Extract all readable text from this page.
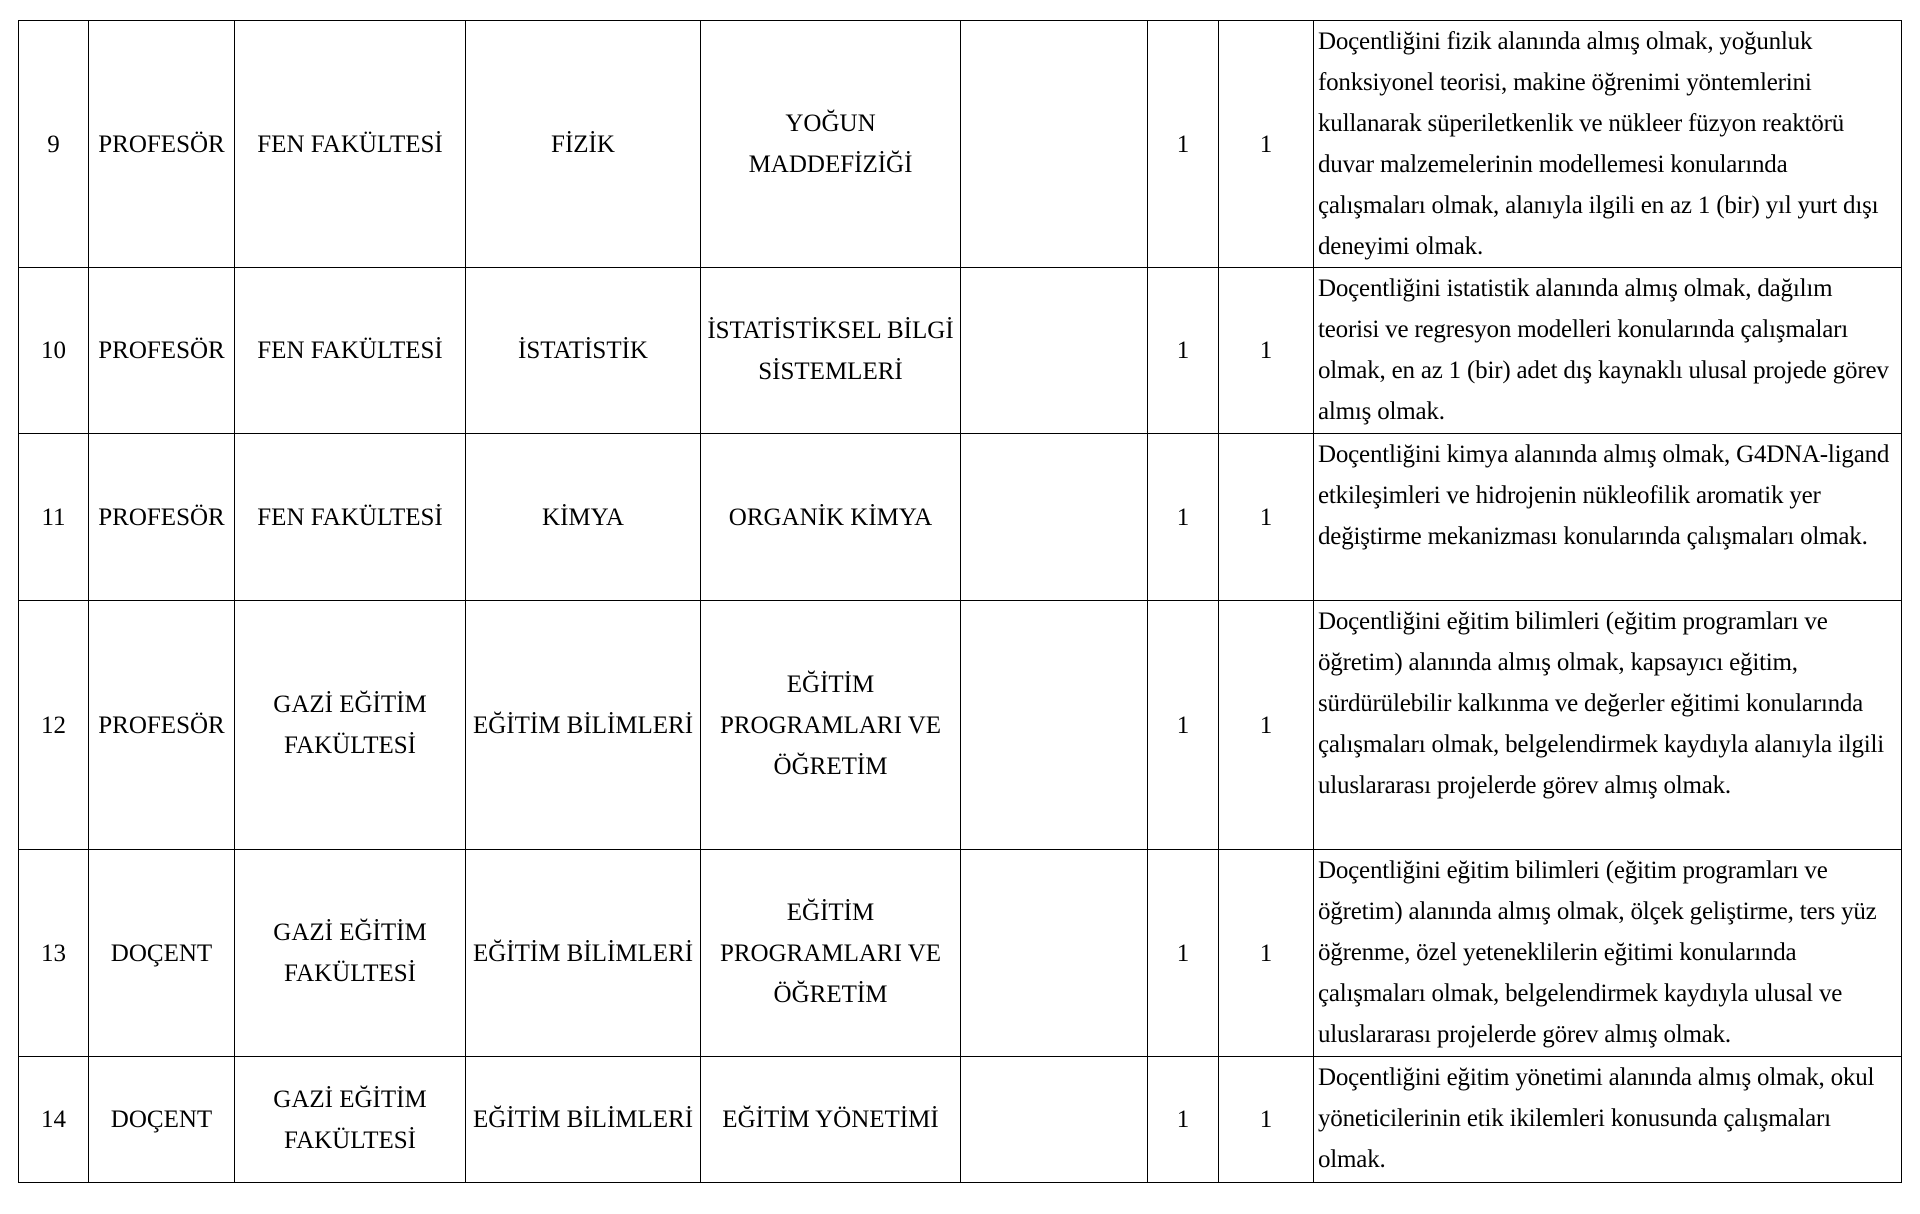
9	PROFESÖR	FEN FAKÜLTESİ	FİZİK	YOĞUN MADDEFİZİĞİ		1	1	Doçentliğini fizik alanında almış olmak, yoğunluk fonksiyonel teorisi, makine öğrenimi yöntemlerini kullanarak süperiletkenlik ve nükleer füzyon reaktörü duvar malzemelerinin modellemesi konularında çalışmaları olmak, alanıyla ilgili en az 1 (bir) yıl yurt dışı deneyimi olmak.
10	PROFESÖR	FEN FAKÜLTESİ	İSTATİSTİK	İSTATİSTİKSEL BİLGİ SİSTEMLERİ		1	1	Doçentliğini istatistik alanında almış olmak, dağılım teorisi ve regresyon modelleri konularında çalışmaları olmak, en az 1 (bir) adet dış kaynaklı ulusal projede görev almış olmak.
11	PROFESÖR	FEN FAKÜLTESİ	KİMYA	ORGANİK KİMYA		1	1	Doçentliğini kimya alanında almış olmak, G4DNA-ligand etkileşimleri ve hidrojenin nükleofilik aromatik yer değiştirme mekanizması konularında çalışmaları olmak.
12	PROFESÖR	GAZİ EĞİTİM FAKÜLTESİ	EĞİTİM BİLİMLERİ	EĞİTİM PROGRAMLARI VE ÖĞRETİM		1	1	Doçentliğini eğitim bilimleri (eğitim programları ve öğretim) alanında almış olmak, kapsayıcı eğitim, sürdürülebilir kalkınma ve değerler eğitimi konularında çalışmaları olmak, belgelendirmek kaydıyla alanıyla ilgili uluslararası projelerde görev almış olmak.
13	DOÇENT	GAZİ EĞİTİM FAKÜLTESİ	EĞİTİM BİLİMLERİ	EĞİTİM PROGRAMLARI VE ÖĞRETİM		1	1	Doçentliğini eğitim bilimleri (eğitim programları ve öğretim) alanında almış olmak, ölçek geliştirme, ters yüz öğrenme, özel yeteneklilerin eğitimi konularında çalışmaları olmak, belgelendirmek kaydıyla ulusal ve uluslararası projelerde görev almış olmak.
14	DOÇENT	GAZİ EĞİTİM FAKÜLTESİ	EĞİTİM BİLİMLERİ	EĞİTİM YÖNETİMİ		1	1	Doçentliğini eğitim yönetimi alanında almış olmak, okul yöneticilerinin etik ikilemleri konusunda çalışmaları olmak.
